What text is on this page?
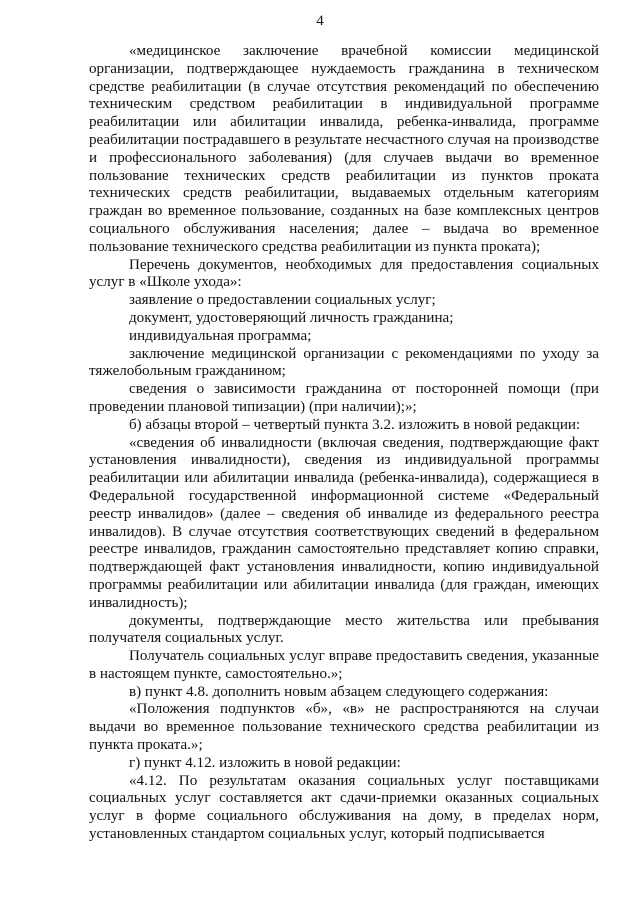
4

«медицинское заключение врачебной комиссии медицинской организации, подтверждающее нуждаемость гражданина в техническом средстве реабилитации (в случае отсутствия рекомендаций по обеспечению техническим средством реабилитации в индивидуальной программе реабилитации или абилитации инвалида, ребенка-инвалида, программе реабилитации пострадавшего в результате несчастного случая на производстве и профессионального заболевания) (для случаев выдачи во временное пользование технических средств реабилитации из пунктов проката технических средств реабилитации, выдаваемых отдельным категориям граждан во временное пользование, созданных на базе комплексных центров социального обслуживания населения; далее – выдача во временное пользование технического средства реабилитации из пункта проката);

Перечень документов, необходимых для предоставления социальных услуг в «Школе ухода»:

заявление о предоставлении социальных услуг;

документ, удостоверяющий личность гражданина;

индивидуальная программа;

заключение медицинской организации с рекомендациями по уходу за тяжелобольным гражданином;

сведения о зависимости гражданина от посторонней помощи (при проведении плановой типизации) (при наличии);»;

б) абзацы второй – четвертый пункта 3.2. изложить в новой редакции:

«сведения об инвалидности (включая сведения, подтверждающие факт установления инвалидности), сведения из индивидуальной программы реабилитации или абилитации инвалида (ребенка-инвалида), содержащиеся в Федеральной государственной информационной системе «Федеральный реестр инвалидов» (далее – сведения об инвалиде из федерального реестра инвалидов). В случае отсутствия соответствующих сведений в федеральном реестре инвалидов, гражданин самостоятельно представляет копию справки, подтверждающей факт установления инвалидности, копию индивидуальной программы реабилитации или абилитации инвалида (для граждан, имеющих инвалидность);

документы, подтверждающие место жительства или пребывания получателя социальных услуг.

Получатель социальных услуг вправе предоставить сведения, указанные в настоящем пункте, самостоятельно.»;

в) пункт 4.8. дополнить новым абзацем следующего содержания:

«Положения подпунктов «б», «в» не распространяются на случаи выдачи во временное пользование технического средства реабилитации из пункта проката.»;

г) пункт 4.12. изложить в новой редакции:

«4.12. По результатам оказания социальных услуг поставщиками социальных услуг составляется акт сдачи-приемки оказанных социальных услуг в форме социального обслуживания на дому, в пределах норм, установленных стандартом социальных услуг, который подписывается
